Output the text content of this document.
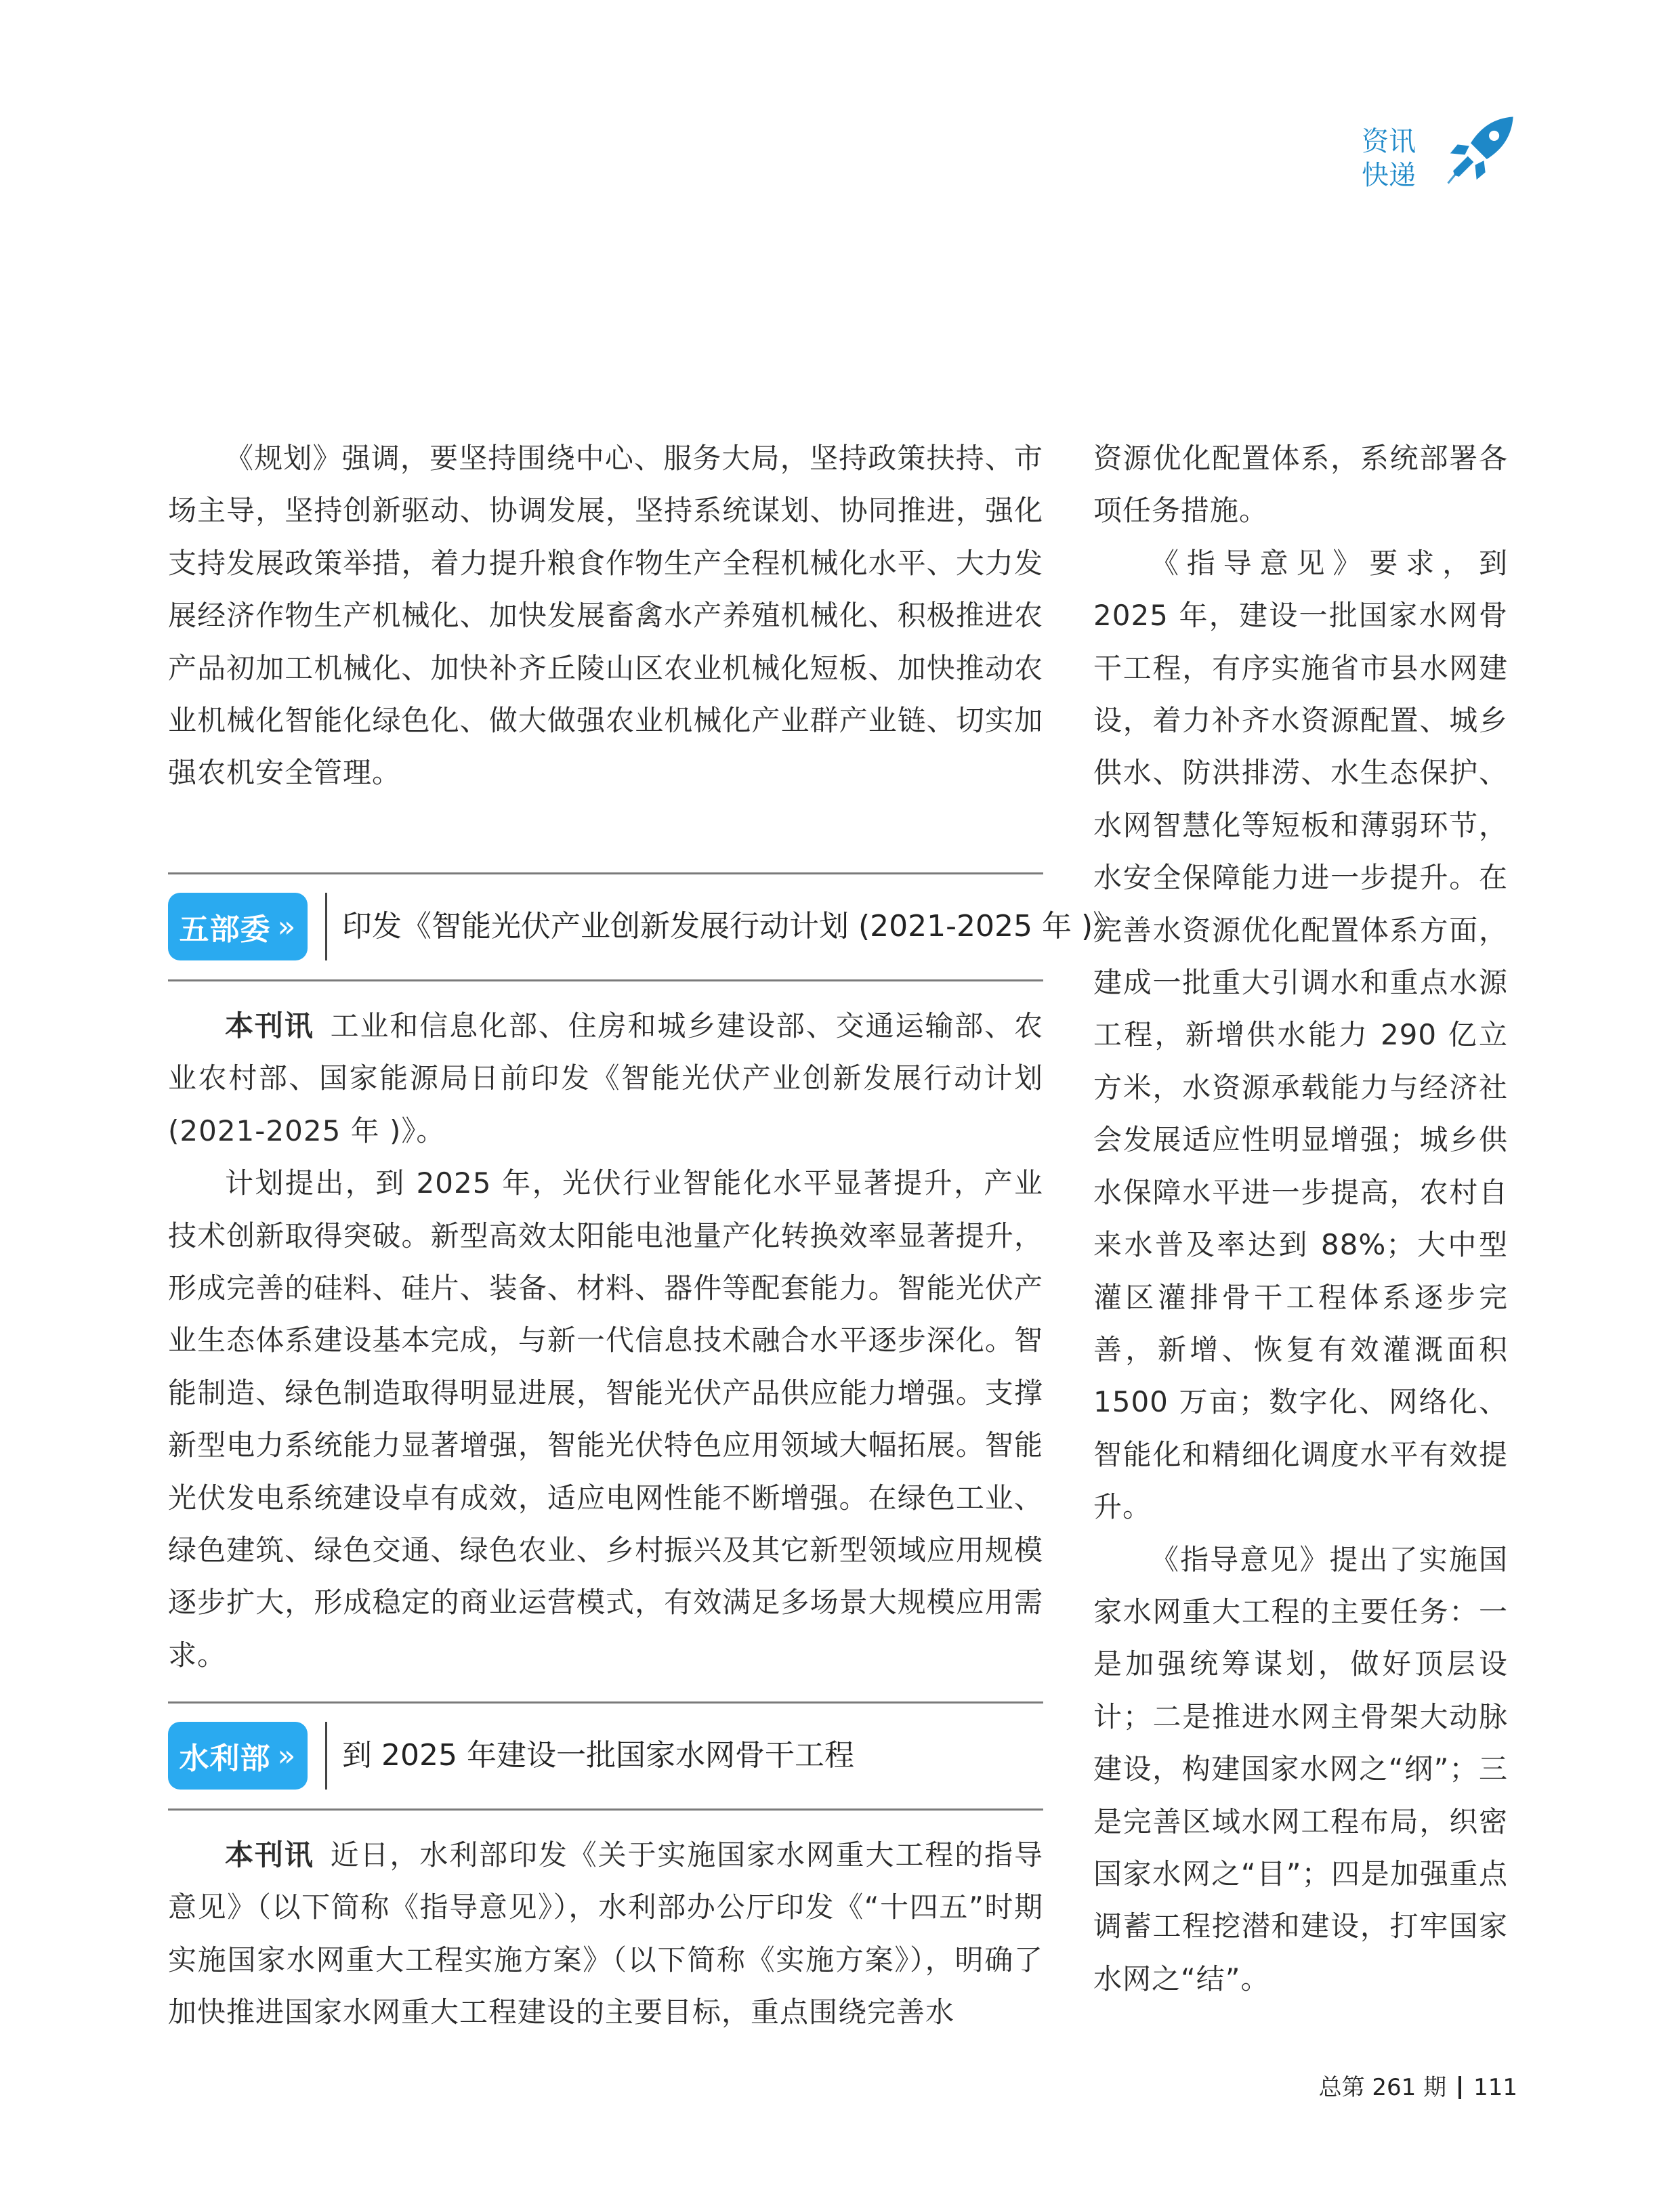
资讯
快递

《规划》强调，要坚持围绕中心、服务大局，坚持政策扶持、市场主导，坚持创新驱动、协调发展，坚持系统谋划、协同推进，强化支持发展政策举措，着力提升粮食作物生产全程机械化水平、大力发展经济作物生产机械化、加快发展畜禽水产养殖机械化、积极推进农产品初加工机械化、加快补齐丘陵山区农业机械化短板、加快推动农业机械化智能化绿色化、做大做强农业机械化产业群产业链、切实加强农机安全管理。

五部委 » 印发《智能光伏产业创新发展行动计划 (2021-2025 年 )》

本刊讯 工业和信息化部、住房和城乡建设部、交通运输部、农业农村部、国家能源局日前印发《智能光伏产业创新发展行动计划 (2021-2025 年 )》。

计划提出，到 2025 年，光伏行业智能化水平显著提升，产业技术创新取得突破。新型高效太阳能电池量产化转换效率显著提升，形成完善的硅料、硅片、装备、材料、器件等配套能力。智能光伏产业生态体系建设基本完成，与新一代信息技术融合水平逐步深化。智能制造、绿色制造取得明显进展，智能光伏产品供应能力增强。支撑新型电力系统能力显著增强，智能光伏特色应用领域大幅拓展。智能光伏发电系统建设卓有成效，适应电网性能不断增强。在绿色工业、绿色建筑、绿色交通、绿色农业、乡村振兴及其它新型领域应用规模逐步扩大，形成稳定的商业运营模式，有效满足多场景大规模应用需求。

水利部 » 到 2025 年建设一批国家水网骨干工程

本刊讯 近日，水利部印发《关于实施国家水网重大工程的指导意见》（以下简称《指导意见》），水利部办公厅印发《“十四五”时期实施国家水网重大工程实施方案》（以下简称《实施方案》），明确了加快推进国家水网重大工程建设的主要目标，重点围绕完善水

资源优化配置体系，系统部署各项任务措施。

《指导意见》要求，到 2025 年，建设一批国家水网骨干工程，有序实施省市县水网建设，着力补齐水资源配置、城乡供水、防洪排涝、水生态保护、水网智慧化等短板和薄弱环节，水安全保障能力进一步提升。在完善水资源优化配置体系方面，建成一批重大引调水和重点水源工程，新增供水能力 290 亿立方米，水资源承载能力与经济社会发展适应性明显增强；城乡供水保障水平进一步提高，农村自来水普及率达到 88%；大中型灌区灌排骨干工程体系逐步完善，新增、恢复有效灌溉面积 1500 万亩；数字化、网络化、智能化和精细化调度水平有效提升。

《指导意见》提出了实施国家水网重大工程的主要任务：一是加强统筹谋划，做好顶层设计；二是推进水网主骨架大动脉建设，构建国家水网之“纲”；三是完善区域水网工程布局，织密国家水网之“目”；四是加强重点调蓄工程挖潜和建设，打牢国家水网之“结”。

总第 261 期 111
